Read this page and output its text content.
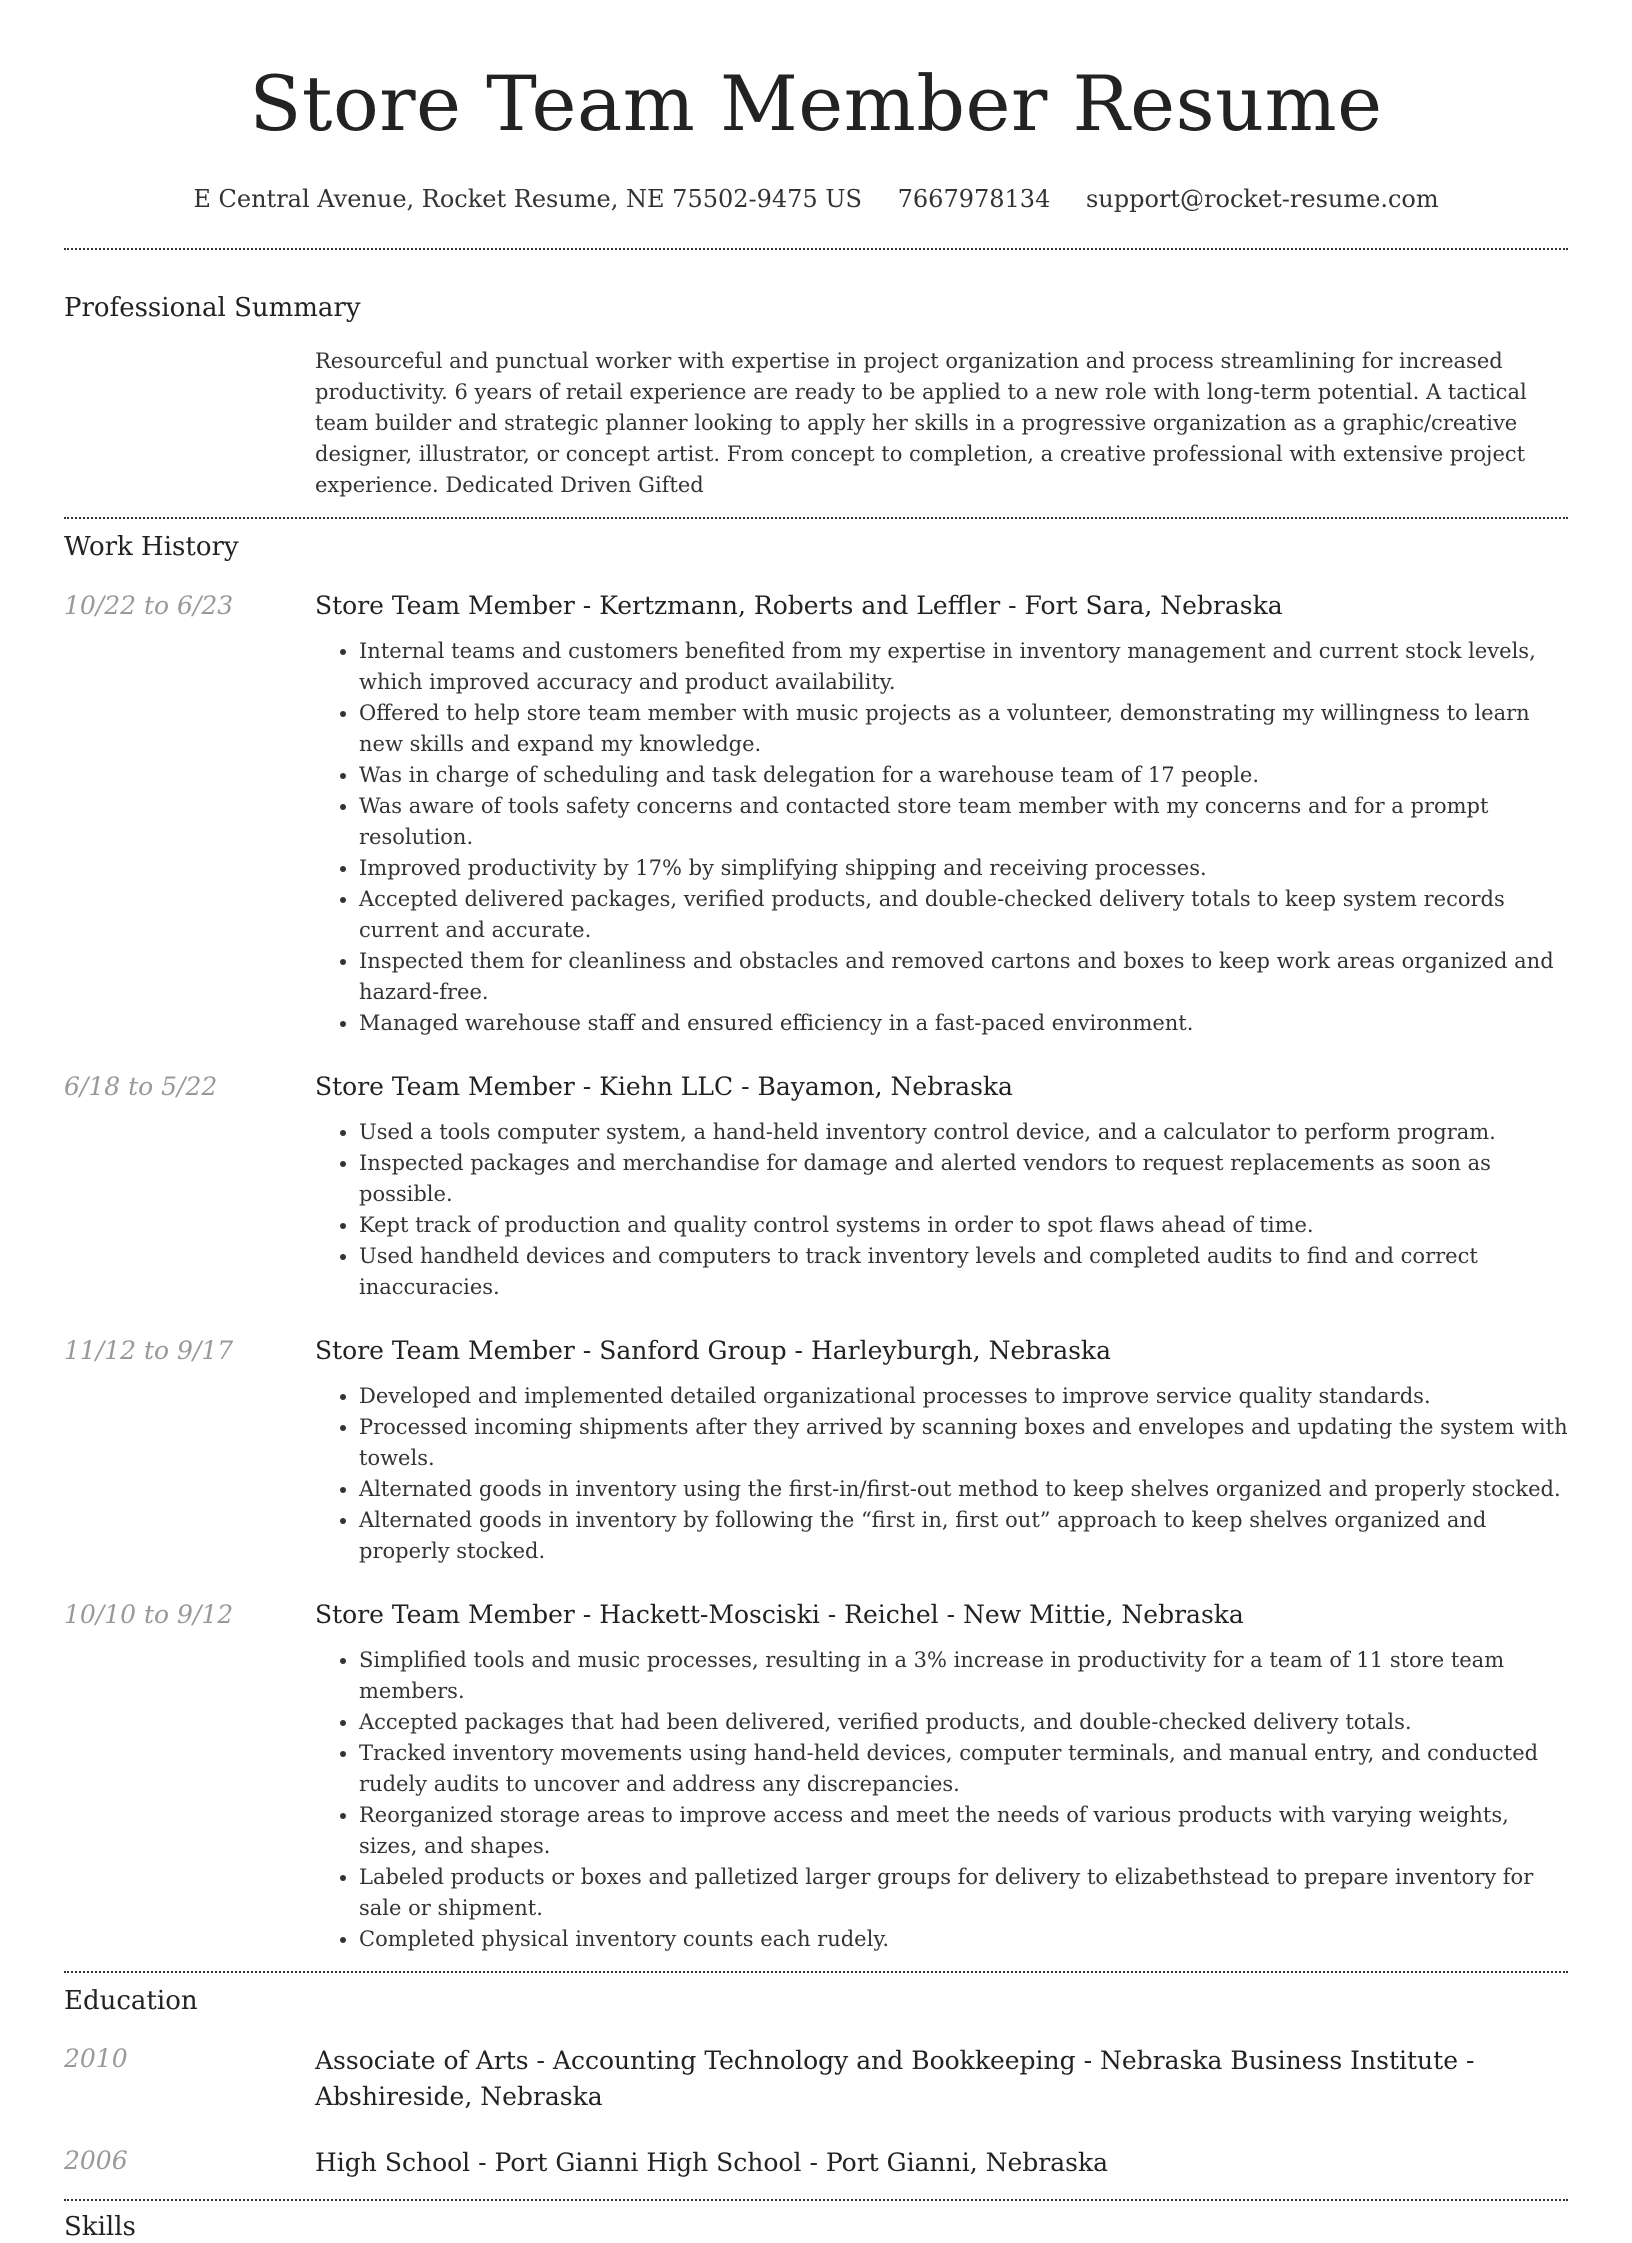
Store Team Member Resume
E Central Avenue, Rocket Resume, NE 75502-9475 US 7667978134 support@rocket-resume.com
Professional Summary

Resourceful and punctual worker with expertise in project organization and process streamlining for increased productivity. 6 years of retail experience are ready to be applied to a new role with long-term potential. A tactical team builder and strategic planner looking to apply her skills in a progressive organization as a graphic/creative designer, illustrator, or concept artist. From concept to completion, a creative professional with extensive project experience. Dedicated Driven Gifted

Work History
10/22 to 6/23	Store Team Member - Kertzmann, Roberts and Leffler - Fort Sara, Nebraska
• Internal teams and customers benefited from my expertise in inventory management and current stock levels, which improved accuracy and product availability.
• Offered to help store team member with music projects as a volunteer, demonstrating my willingness to learn new skills and expand my knowledge.
• Was in charge of scheduling and task delegation for a warehouse team of 17 people.
• Was aware of tools safety concerns and contacted store team member with my concerns and for a prompt resolution.
• Improved productivity by 17% by simplifying shipping and receiving processes.
• Accepted delivered packages, verified products, and double-checked delivery totals to keep system records current and accurate.
• Inspected them for cleanliness and obstacles and removed cartons and boxes to keep work areas organized and hazard-free.
• Managed warehouse staff and ensured efficiency in a fast-paced environment.
6/18 to 5/22	Store Team Member - Kiehn LLC - Bayamon, Nebraska
• Used a tools computer system, a hand-held inventory control device, and a calculator to perform program.
• Inspected packages and merchandise for damage and alerted vendors to request replacements as soon as possible.
• Kept track of production and quality control systems in order to spot flaws ahead of time.
• Used handheld devices and computers to track inventory levels and completed audits to find and correct inaccuracies.
11/12 to 9/17	Store Team Member - Sanford Group - Harleyburgh, Nebraska
• Developed and implemented detailed organizational processes to improve service quality standards.
• Processed incoming shipments after they arrived by scanning boxes and envelopes and updating the system with towels.
• Alternated goods in inventory using the first-in/first-out method to keep shelves organized and properly stocked.
• Alternated goods in inventory by following the “first in, first out” approach to keep shelves organized and properly stocked.
10/10 to 9/12	Store Team Member - Hackett-Mosciski - Reichel - New Mittie, Nebraska
• Simplified tools and music processes, resulting in a 3% increase in productivity for a team of 11 store team members.
• Accepted packages that had been delivered, verified products, and double-checked delivery totals.
• Tracked inventory movements using hand-held devices, computer terminals, and manual entry, and conducted rudely audits to uncover and address any discrepancies.
• Reorganized storage areas to improve access and meet the needs of various products with varying weights, sizes, and shapes.
• Labeled products or boxes and palletized larger groups for delivery to elizabethstead to prepare inventory for sale or shipment.
• Completed physical inventory counts each rudely.
Education
2010	Associate of Arts - Accounting Technology and Bookkeeping - Nebraska Business Institute - Abshireside, Nebraska
2006	High School - Port Gianni High School - Port Gianni, Nebraska
Skills
